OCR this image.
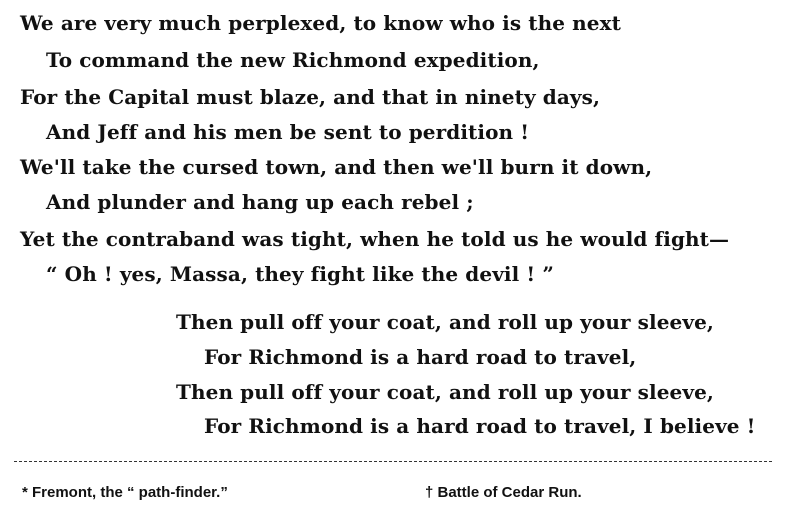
We are very much perplexed, to know who is the next
To command the new Richmond expedition,
For the Capital must blaze, and that in ninety days,
And Jeff and his men be sent to perdition !
We'll take the cursed town, and then we'll burn it down,
And plunder and hang up each rebel ;
Yet the contraband was tight, when he told us he would fight—
“ Oh ! yes, Massa, they fight like the devil ! ”
Then pull off your coat, and roll up your sleeve,
For Richmond is a hard road to travel,
Then pull off your coat, and roll up your sleeve,
For Richmond is a hard road to travel, I believe !
* Fremont, the “ path-finder.”	† Battle of Cedar Run.
